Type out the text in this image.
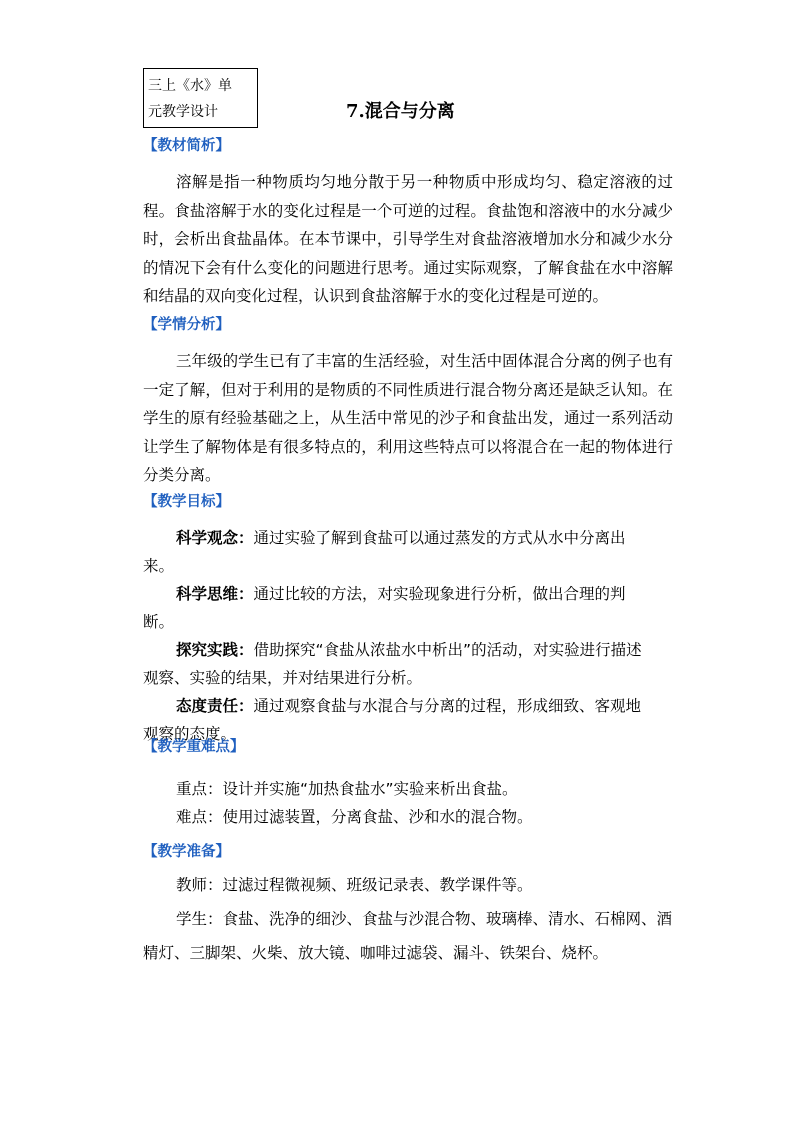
三上《水》单
元教学设计	7.混合与分离
【教材简析】

溶解是指一种物质均匀地分散于另一种物质中形成均匀、稳定溶液的过程。食盐溶解于水的变化过程是一个可逆的过程。食盐饱和溶液中的水分减少时，会析出食盐晶体。在本节课中，引导学生对食盐溶液增加水分和减少水分的情况下会有什么变化的问题进行思考。通过实际观察，了解食盐在水中溶解和结晶的双向变化过程，认识到食盐溶解于水的变化过程是可逆的。

【学情分析】

三年级的学生已有了丰富的生活经验，对生活中固体混合分离的例子也有一定了解，但对于利用的是物质的不同性质进行混合物分离还是缺乏认知。在学生的原有经验基础之上，从生活中常见的沙子和食盐出发，通过一系列活动让学生了解物体是有很多特点的，利用这些特点可以将混合在一起的物体进行分类分离。

【教学目标】

科学观念：通过实验了解到食盐可以通过蒸发的方式从水中分离出来。

科学思维：通过比较的方法，对实验现象进行分析，做出合理的判断。

探究实践：借助探究“食盐从浓盐水中析出”的活动，对实验进行描述观察、实验的结果，并对结果进行分析。

态度责任：通过观察食盐与水混合与分离的过程，形成细致、客观地观察的态度。

【教学重难点】

重点：设计并实施“加热食盐水”实验来析出食盐。

难点：使用过滤装置，分离食盐、沙和水的混合物。

【教学准备】

教师：过滤过程微视频、班级记录表、教学课件等。

学生：食盐、洗净的细沙、食盐与沙混合物、玻璃棒、清水、石棉网、酒精灯、三脚架、火柴、放大镜、咖啡过滤袋、漏斗、铁架台、烧杯。
